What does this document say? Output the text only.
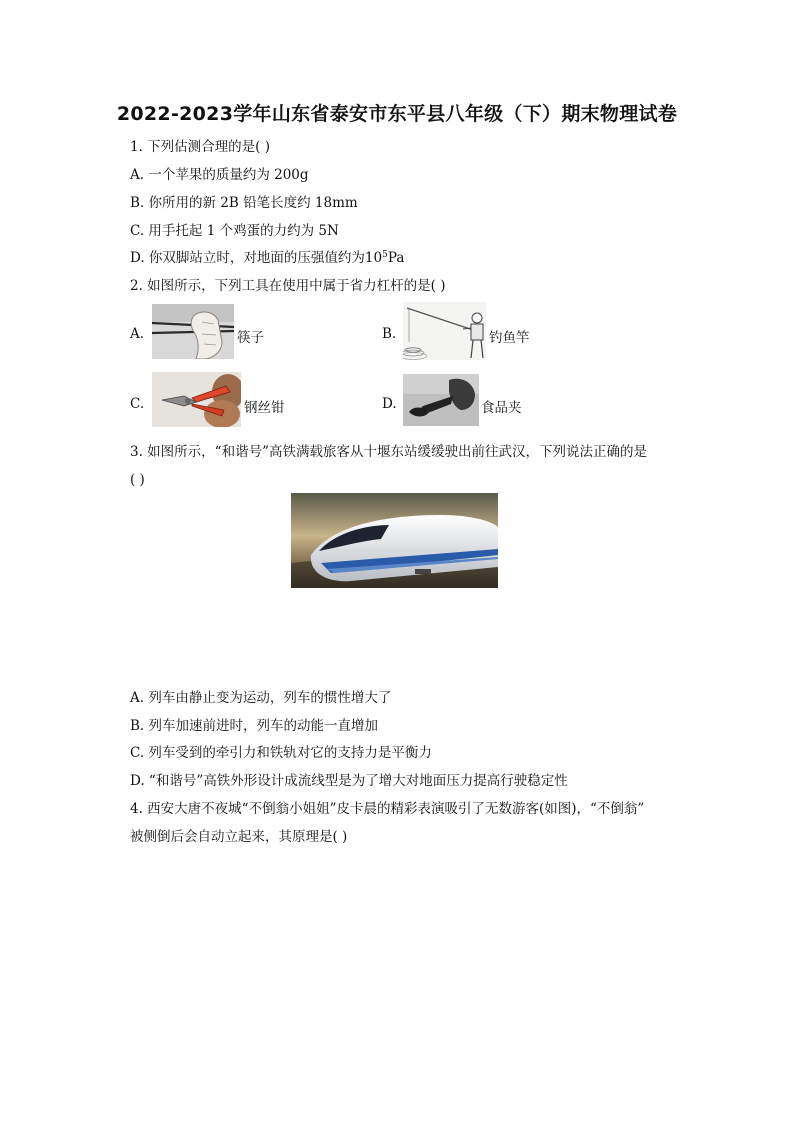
2022-2023学年山东省泰安市东平县八年级（下）期末物理试卷
1. 下列估测合理的是( )
A. 一个苹果的质量约为 200g
B. 你所用的新 2B 铅笔长度约 18mm
C. 用手托起 1 个鸡蛋的力约为 5N
D. 你双脚站立时，对地面的压强值约为$10^5Pa$
2. 如图所示，下列工具在使用中属于省力杠杆的是( )
A.	筷子	B.	钓鱼竿
C.	钢丝钳	D.	食品夹
3. 如图所示，“和谐号”高铁满载旅客从十堰东站缓缓驶出前往武汉，下列说法正确的是
( )
A. 列车由静止变为运动，列车的惯性增大了
B. 列车加速前进时，列车的动能一直增加
C. 列车受到的牵引力和铁轨对它的支持力是平衡力
D. “和谐号”高铁外形设计成流线型是为了增大对地面压力提高行驶稳定性
4. 西安大唐不夜城“不倒翁小姐姐”皮卡晨的精彩表演吸引了无数游客(如图)，“不倒翁”
被侧倒后会自动立起来，其原理是( )
